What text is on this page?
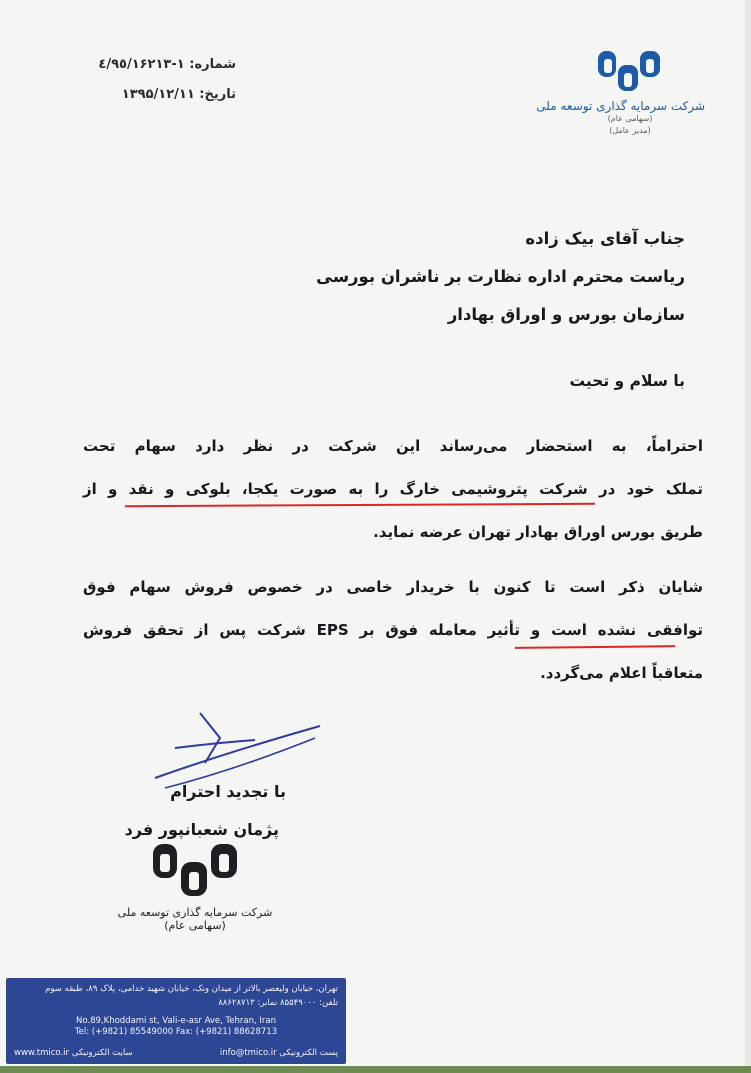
شرکت سرمایه گذاری توسعه ملی
(سهامی عام)
(مدیر عامل)
شماره: ۱-٤/٩٥/۱۶۲۱۳
تاریخ: ۱۳۹۵/۱۲/۱۱
جناب آقای بیک زاده
ریاست محترم اداره نظارت بر ناشران بورسی
سازمان بورس و اوراق بهادار
با سلام و تحیت
احتراماً، به استحضار می‌رساند این شرکت در نظر دارد سهام تحت
تملک خود در شرکت پتروشیمی خارگ را به صورت یکجا، بلوکی و نقد و از
طریق بورس اوراق بهادار تهران عرضه نماید.
شایان ذکر است تا کنون با خریدار خاصی در خصوص فروش سهام فوق
توافقی نشده است و تأثیر معامله فوق بر EPS شرکت پس از تحقق فروش
متعاقباً اعلام می‌گردد.
با تجدید احترام
پژمان شعبانپور فرد
شرکت سرمایه گذاری توسعه ملی
(سهامی عام)
تهران، خیابان ولیعصر بالاتر از میدان ونک، خیابان شهید خدامی، پلاک ۸۹، طبقه سوم
تلفن: ۸۵۵۴۹۰۰۰ نمابر: ۸۸۶۲۸۷۱۳
No.89,Khoddami st, Vali-e-asr Ave, Tehran, Iran
Tel: (+9821) 85549000 Fax: (+9821) 88628713
www.tmico.ir سایت الکترونیکی	info@tmico.ir پست الکترونیکی
